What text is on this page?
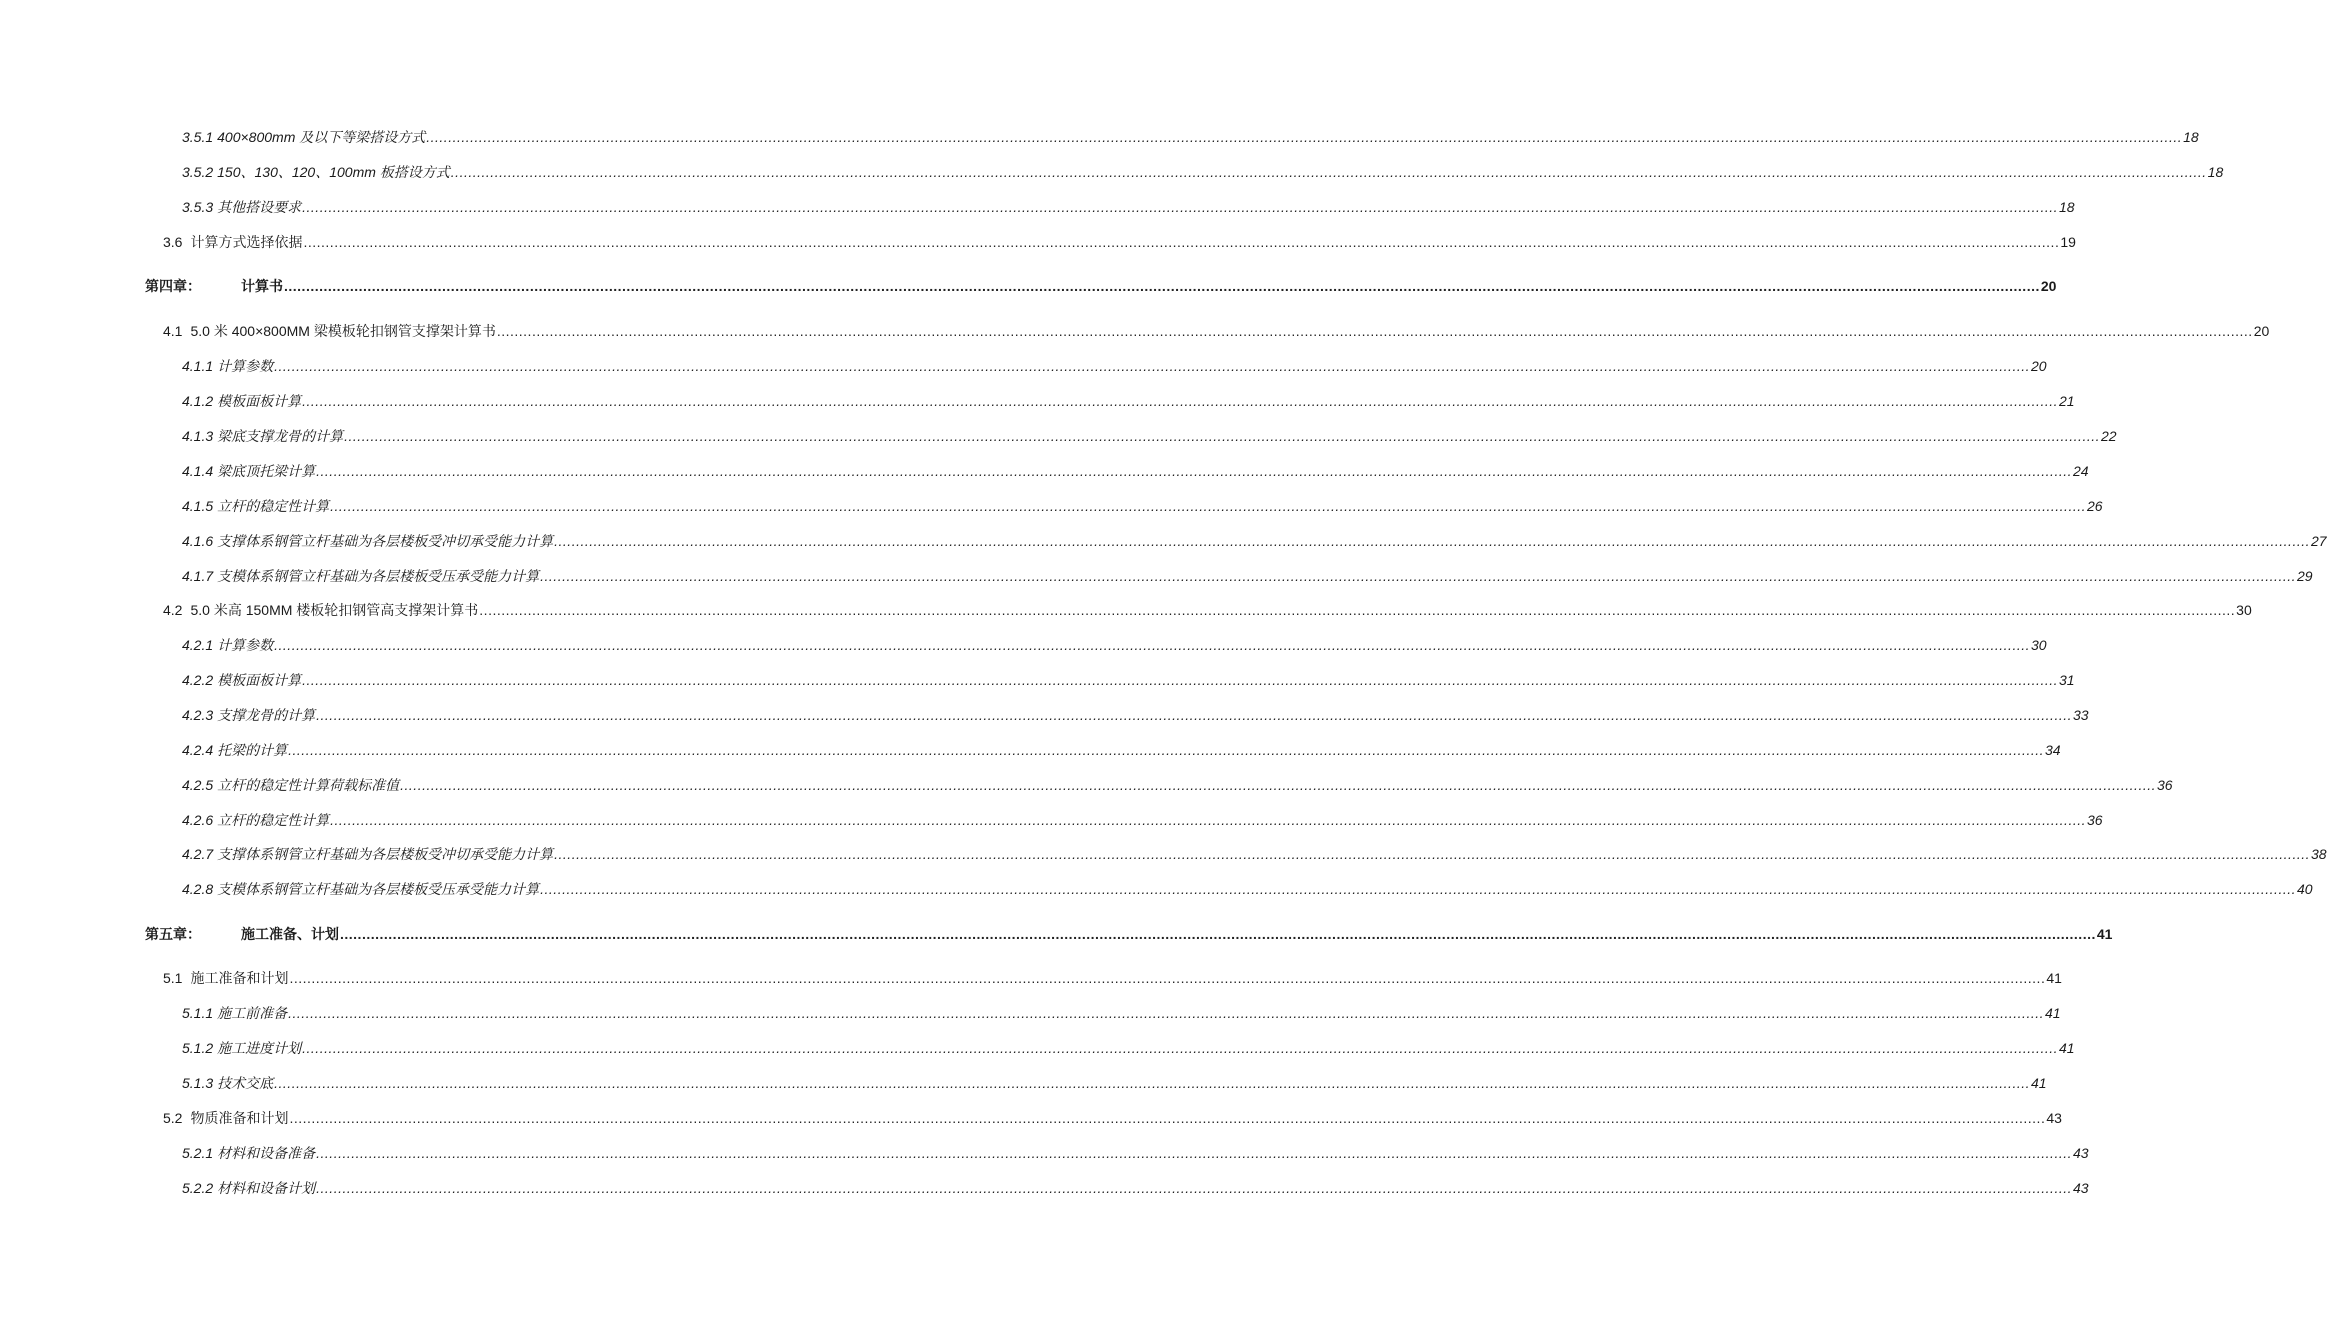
3.5.1 400×800mm 及以下等梁搭设方式 ................................................................................................................................................................................................................................................................................................................................................................................................................ 18
3.5.2 150、130、120、100mm 板搭设方式 ................................................................................................................................................................................................................................................................................................................................................................................................................ 18
3.5.3 其他搭设要求 ................................................................................................................................................................................................................................................................................................................................................................................................................ 18
3.6 计算方式选择依据 ................................................................................................................................................................................................................................................................................................................................................................................................................ 19
第四章：	计算书 ................................................................................................................................................................................................................................................................................................................................................................................................................ 20
4.1 5.0 米 400×800MM 梁模板轮扣钢管支撑架计算书 ................................................................................................................................................................................................................................................................................................................................................................................................................ 20
4.1.1 计算参数 ................................................................................................................................................................................................................................................................................................................................................................................................................ 20
4.1.2 模板面板计算 ................................................................................................................................................................................................................................................................................................................................................................................................................ 21
4.1.3 梁底支撑龙骨的计算 ................................................................................................................................................................................................................................................................................................................................................................................................................ 22
4.1.4 梁底顶托梁计算 ................................................................................................................................................................................................................................................................................................................................................................................................................ 24
4.1.5 立杆的稳定性计算 ................................................................................................................................................................................................................................................................................................................................................................................................................ 26
4.1.6 支撑体系钢管立杆基础为各层楼板受冲切承受能力计算 ................................................................................................................................................................................................................................................................................................................................................................................................................ 27
4.1.7 支模体系钢管立杆基础为各层楼板受压承受能力计算 ................................................................................................................................................................................................................................................................................................................................................................................................................ 29
4.2 5.0 米高 150MM 楼板轮扣钢管高支撑架计算书 ................................................................................................................................................................................................................................................................................................................................................................................................................ 30
4.2.1 计算参数 ................................................................................................................................................................................................................................................................................................................................................................................................................ 30
4.2.2 模板面板计算 ................................................................................................................................................................................................................................................................................................................................................................................................................ 31
4.2.3 支撑龙骨的计算 ................................................................................................................................................................................................................................................................................................................................................................................................................ 33
4.2.4 托梁的计算 ................................................................................................................................................................................................................................................................................................................................................................................................................ 34
4.2.5 立杆的稳定性计算荷载标准值 ................................................................................................................................................................................................................................................................................................................................................................................................................ 36
4.2.6 立杆的稳定性计算 ................................................................................................................................................................................................................................................................................................................................................................................................................ 36
4.2.7 支撑体系钢管立杆基础为各层楼板受冲切承受能力计算 ................................................................................................................................................................................................................................................................................................................................................................................................................ 38
4.2.8 支模体系钢管立杆基础为各层楼板受压承受能力计算 ................................................................................................................................................................................................................................................................................................................................................................................................................ 40
第五章：	施工准备、计划 ................................................................................................................................................................................................................................................................................................................................................................................................................ 41
5.1 施工准备和计划 ................................................................................................................................................................................................................................................................................................................................................................................................................ 41
5.1.1 施工前准备 ................................................................................................................................................................................................................................................................................................................................................................................................................ 41
5.1.2 施工进度计划 ................................................................................................................................................................................................................................................................................................................................................................................................................ 41
5.1.3 技术交底 ................................................................................................................................................................................................................................................................................................................................................................................................................ 41
5.2 物质准备和计划 ................................................................................................................................................................................................................................................................................................................................................................................................................ 43
5.2.1 材料和设备准备 ................................................................................................................................................................................................................................................................................................................................................................................................................ 43
5.2.2 材料和设备计划 ................................................................................................................................................................................................................................................................................................................................................................................................................ 43
